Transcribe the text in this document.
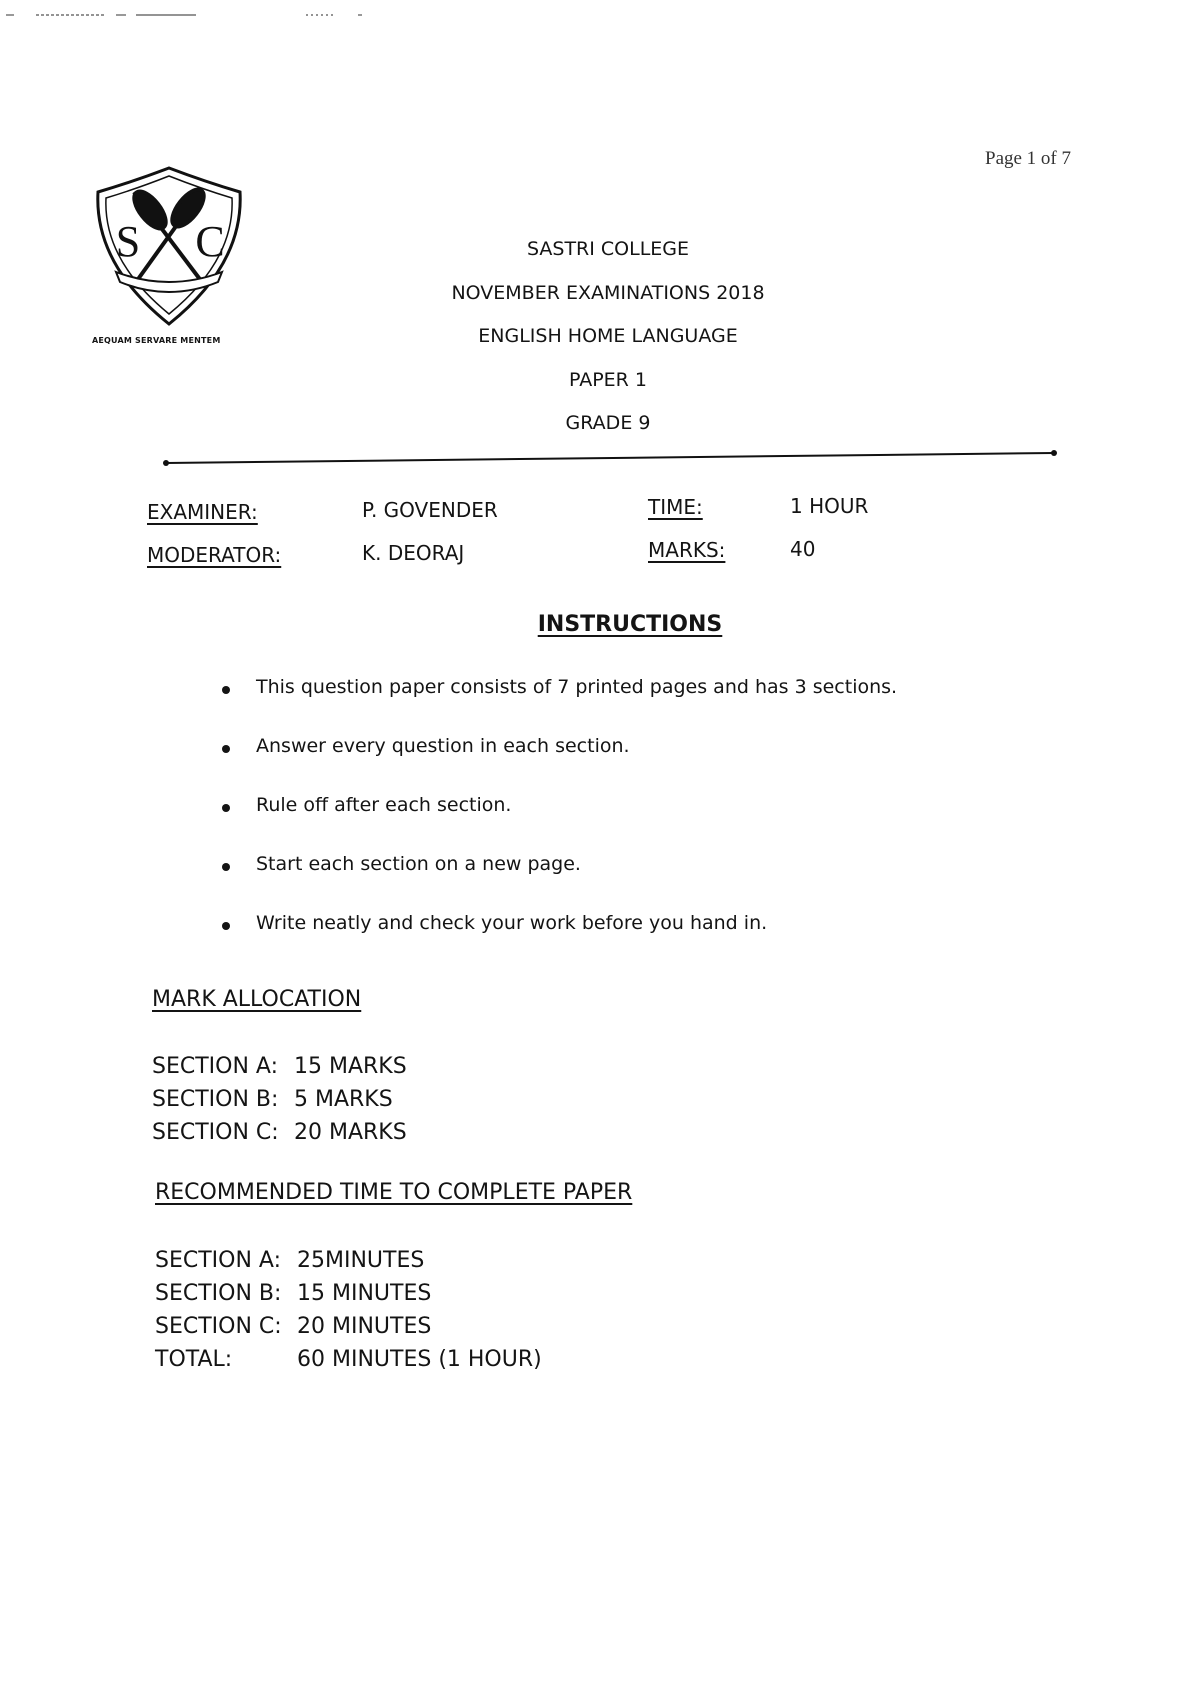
Page 1 of 7
S C
AEQUAM SERVARE MENTEM
SASTRI COLLEGE
NOVEMBER EXAMINATIONS 2018
ENGLISH HOME LANGUAGE
PAPER 1
GRADE 9
EXAMINER:	P. GOVENDER	TIME:	1 HOUR
MODERATOR:	K. DEORAJ	MARKS:	40
INSTRUCTIONS
This question paper consists of 7 printed pages and has 3 sections.
Answer every question in each section.
Rule off after each section.
Start each section on a new page.
Write neatly and check your work before you hand in.
MARK ALLOCATION
SECTION A: 15 MARKS
SECTION B: 5 MARKS
SECTION C: 20 MARKS
RECOMMENDED TIME TO COMPLETE PAPER
SECTION A: 25MINUTES
SECTION B: 15 MINUTES
SECTION C: 20 MINUTES
TOTAL:	60 MINUTES (1 HOUR)
